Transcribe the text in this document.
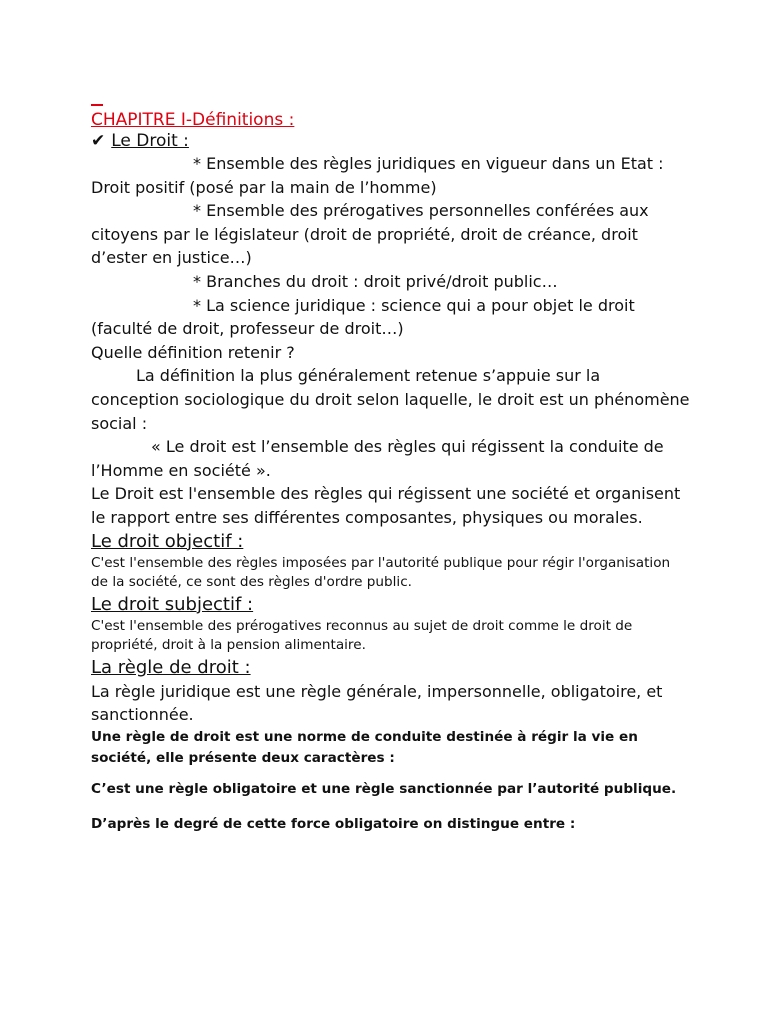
CHAPITRE I-Définitions :
✔ Le Droit :

* Ensemble des règles juridiques en vigueur dans un Etat : Droit positif (posé par la main de l’homme)

* Ensemble des prérogatives personnelles conférées aux citoyens par le législateur (droit de propriété, droit de créance, droit d’ester en justice…)

* Branches du droit : droit privé/droit public…

* La science juridique : science qui a pour objet le droit (faculté de droit, professeur de droit…)

Quelle définition retenir ?

La définition la plus généralement retenue s’appuie sur la conception sociologique du droit selon laquelle, le droit est un phénomène social :

« Le droit est l’ensemble des règles qui régissent la conduite de l’Homme en société ».

Le Droit est l'ensemble des règles qui régissent une société et organisent le rapport entre ses différentes composantes, physiques ou morales.

Le droit objectif :

C'est l'ensemble des règles imposées par l'autorité publique pour régir l'organisation de la société, ce sont des règles d'ordre public.

Le droit subjectif :

C'est l'ensemble des prérogatives reconnus au sujet de droit comme le droit de propriété, droit à la pension alimentaire.

La règle de droit :

La règle juridique est une règle générale, impersonnelle, obligatoire, et sanctionnée.

Une règle de droit est une norme de conduite destinée à régir la vie en société, elle présente deux caractères :

C’est une règle obligatoire et une règle sanctionnée par l’autorité publique.

D’après le degré de cette force obligatoire on distingue entre :
